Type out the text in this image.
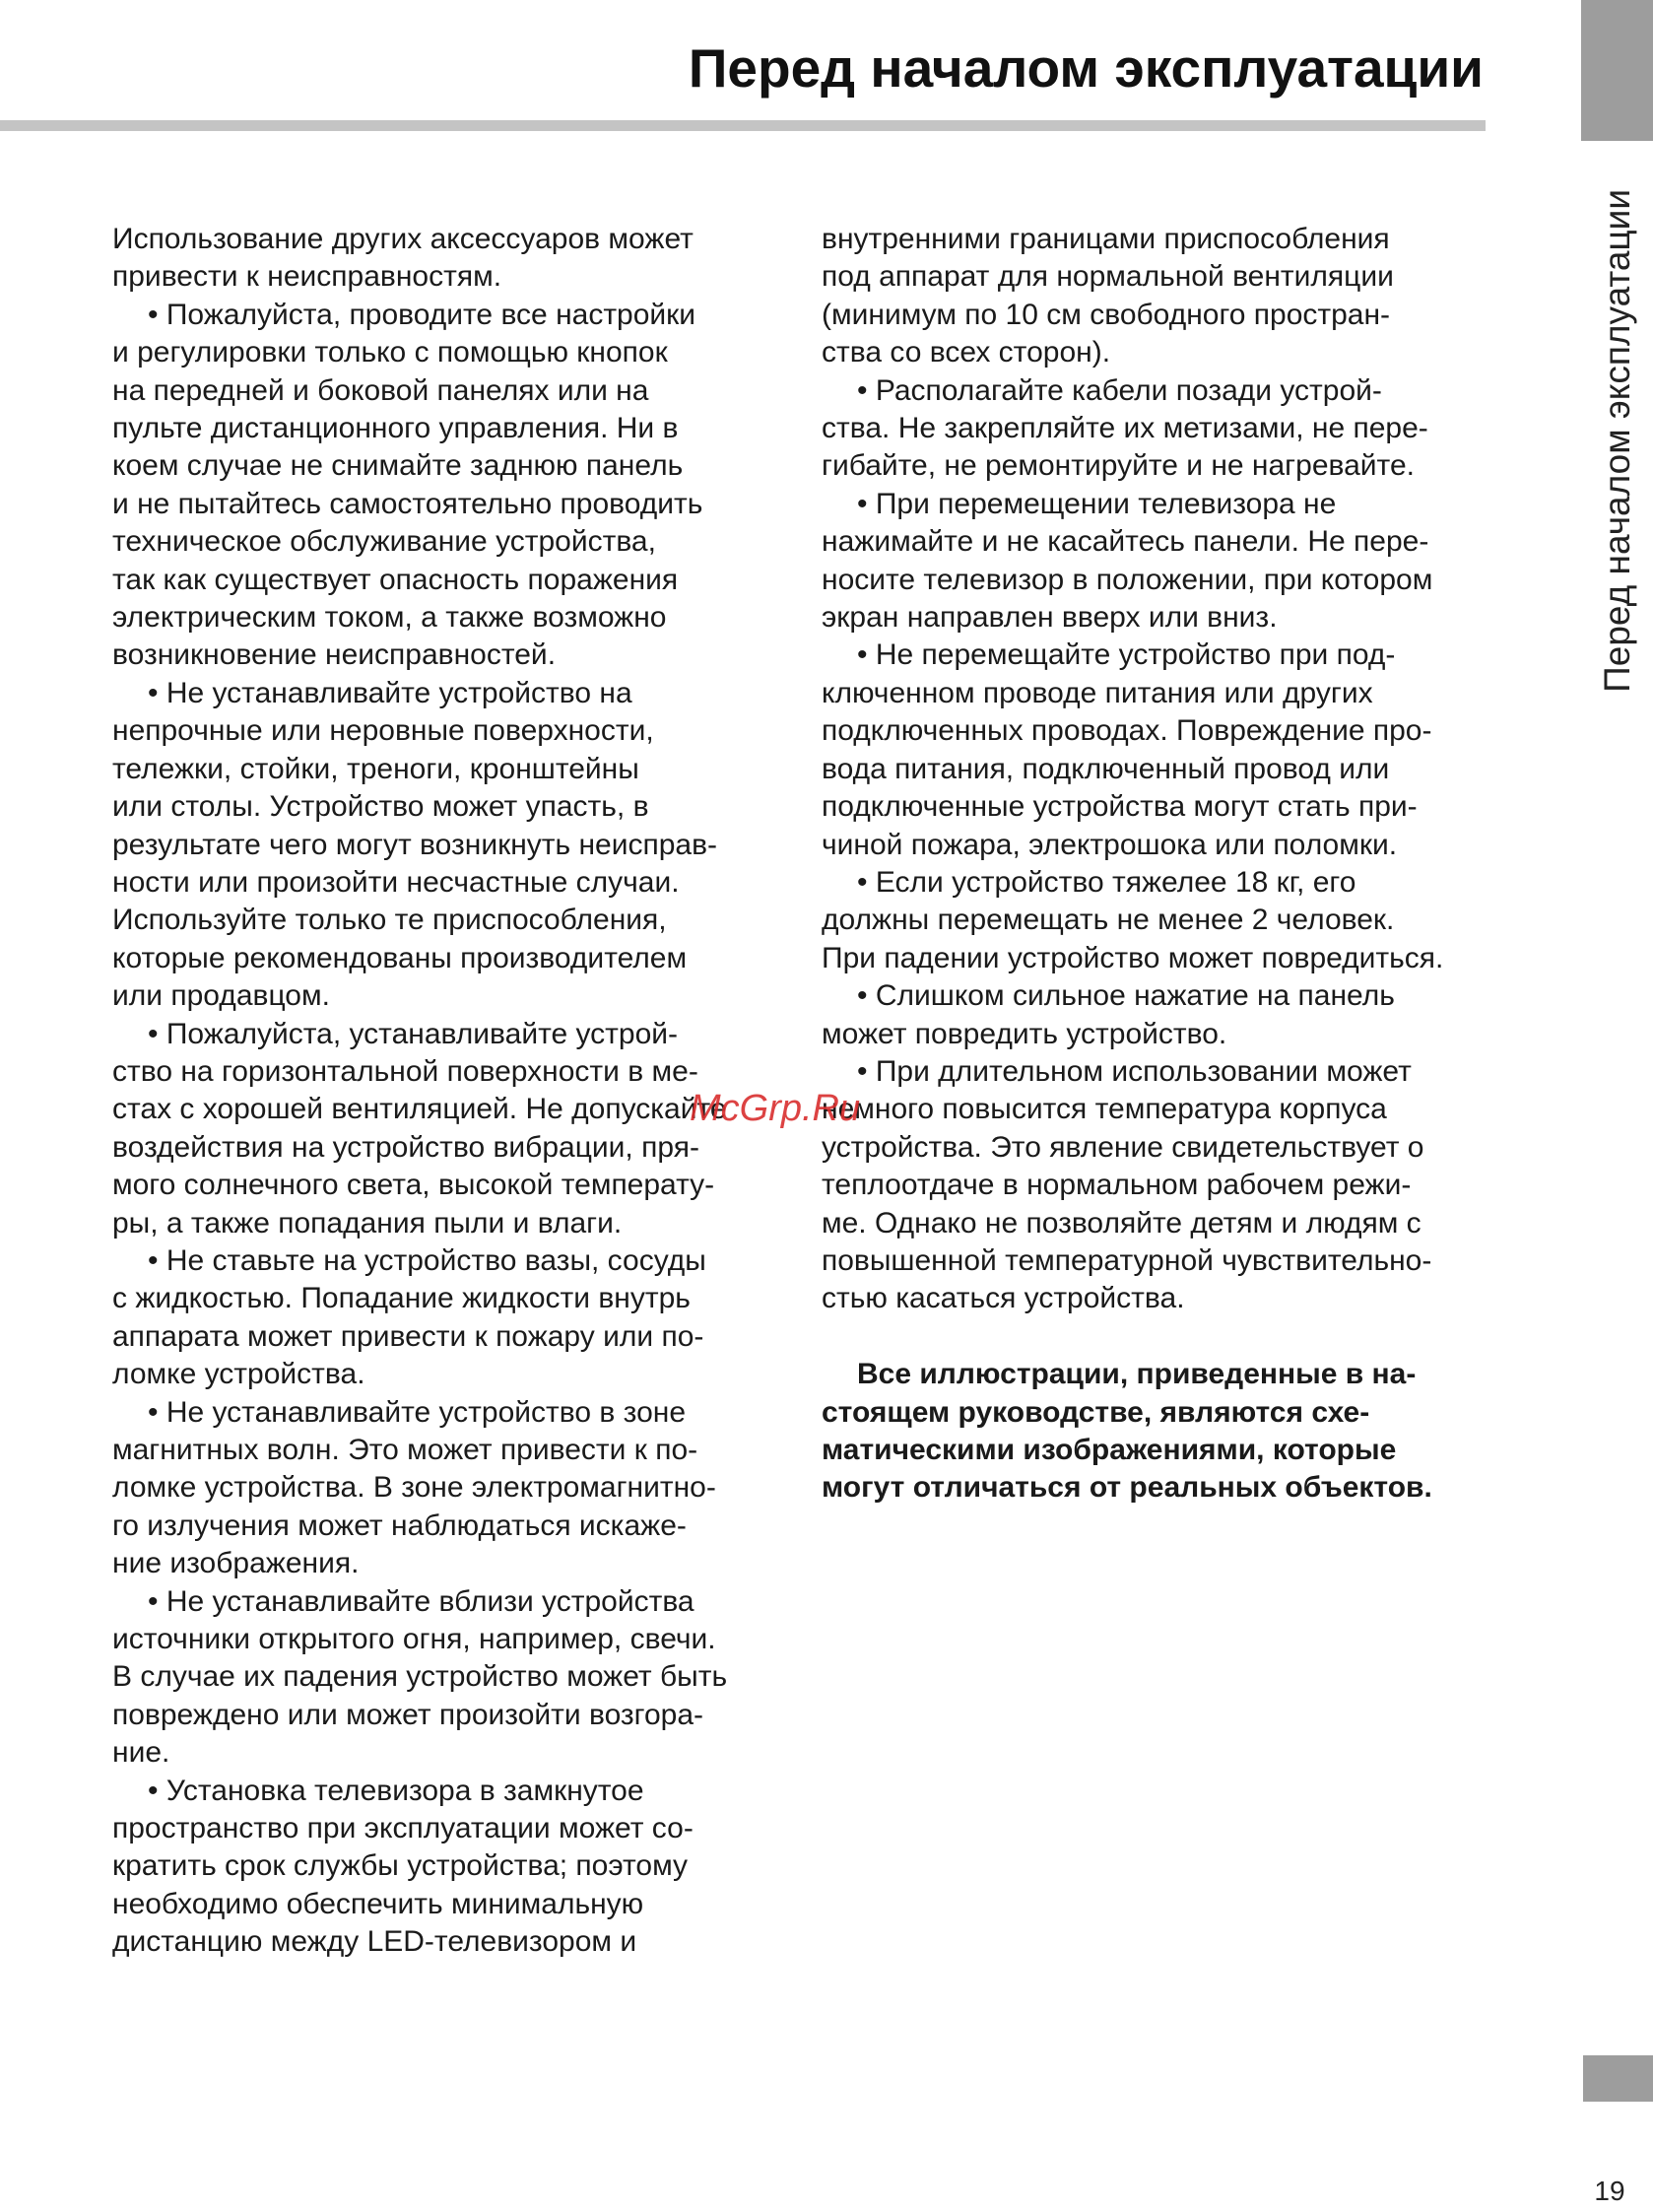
Перед началом эксплуатации
Перед началом эксплуатации
Использование других аксессуаров может
привести к неисправностям.
• Пожалуйста, проводите все настройки
и регулировки только с помощью кнопок
на передней и боковой панелях или на
пульте дистанционного управления. Ни в
коем случае не снимайте заднюю панель
и не пытайтесь самостоятельно проводить
техническое обслуживание устройства,
так как существует опасность поражения
электрическим током, а также возможно
возникновение неисправностей.
• Не устанавливайте устройство на
непрочные или неровные поверхности,
тележки, стойки, треноги, кронштейны
или столы. Устройство может упасть, в
результате чего могут возникнуть неисправ-
ности или произойти несчастные случаи.
Используйте только те приспособления,
которые рекомендованы производителем
или продавцом.
• Пожалуйста, устанавливайте устрой-
ство на горизонтальной поверхности в ме-
стах с хорошей вентиляцией. Не допускайте
воздействия на устройство вибрации, пря-
мого солнечного света, высокой температу-
ры, а также попадания пыли и влаги.
• Не ставьте на устройство вазы, сосуды
с жидкостью. Попадание жидкости внутрь
аппарата может привести к пожару или по-
ломке устройства.
• Не устанавливайте устройство в зоне
магнитных волн. Это может привести к по-
ломке устройства. В зоне электромагнитно-
го излучения может наблюдаться искаже-
ние изображения.
• Не устанавливайте вблизи устройства
источники открытого огня, например, свечи.
В случае их падения устройство может быть
повреждено или может произойти возгора-
ние.
• Установка телевизора в замкнутое
пространство при эксплуатации может со-
кратить срок службы устройства; поэтому
необходимо обеспечить минимальную
дистанцию между LED-телевизором и
внутренними границами приспособления
под аппарат для нормальной вентиляции
(минимум по 10 см свободного простран-
ства со всех сторон).
• Располагайте кабели позади устрой-
ства. Не закрепляйте их метизами, не пере-
гибайте, не ремонтируйте и не нагревайте.
• При перемещении телевизора не
нажимайте и не касайтесь панели. Не пере-
носите телевизор в положении, при котором
экран направлен вверх или вниз.
• Не перемещайте устройство при под-
ключенном проводе питания или других
подключенных проводах. Повреждение про-
вода питания, подключенный провод или
подключенные устройства могут стать при-
чиной пожара, электрошока или поломки.
• Если устройство тяжелее 18 кг, его
должны перемещать не менее 2 человек.
При падении устройство может повредиться.
• Слишком сильное нажатие на панель
может повредить устройство.
• При длительном использовании может
немного повысится температура корпуса
устройства. Это явление свидетельствует о
теплоотдаче в нормальном рабочем режи-
ме. Однако не позволяйте детям и людям с
повышенной температурной чувствительно-
стью касаться устройства.
Все иллюстрации, приведенные в на-
стоящем руководстве, являются схе-
матическими изображениями, которые
могут отличаться от реальных объектов.

McGrp.Ru

19
